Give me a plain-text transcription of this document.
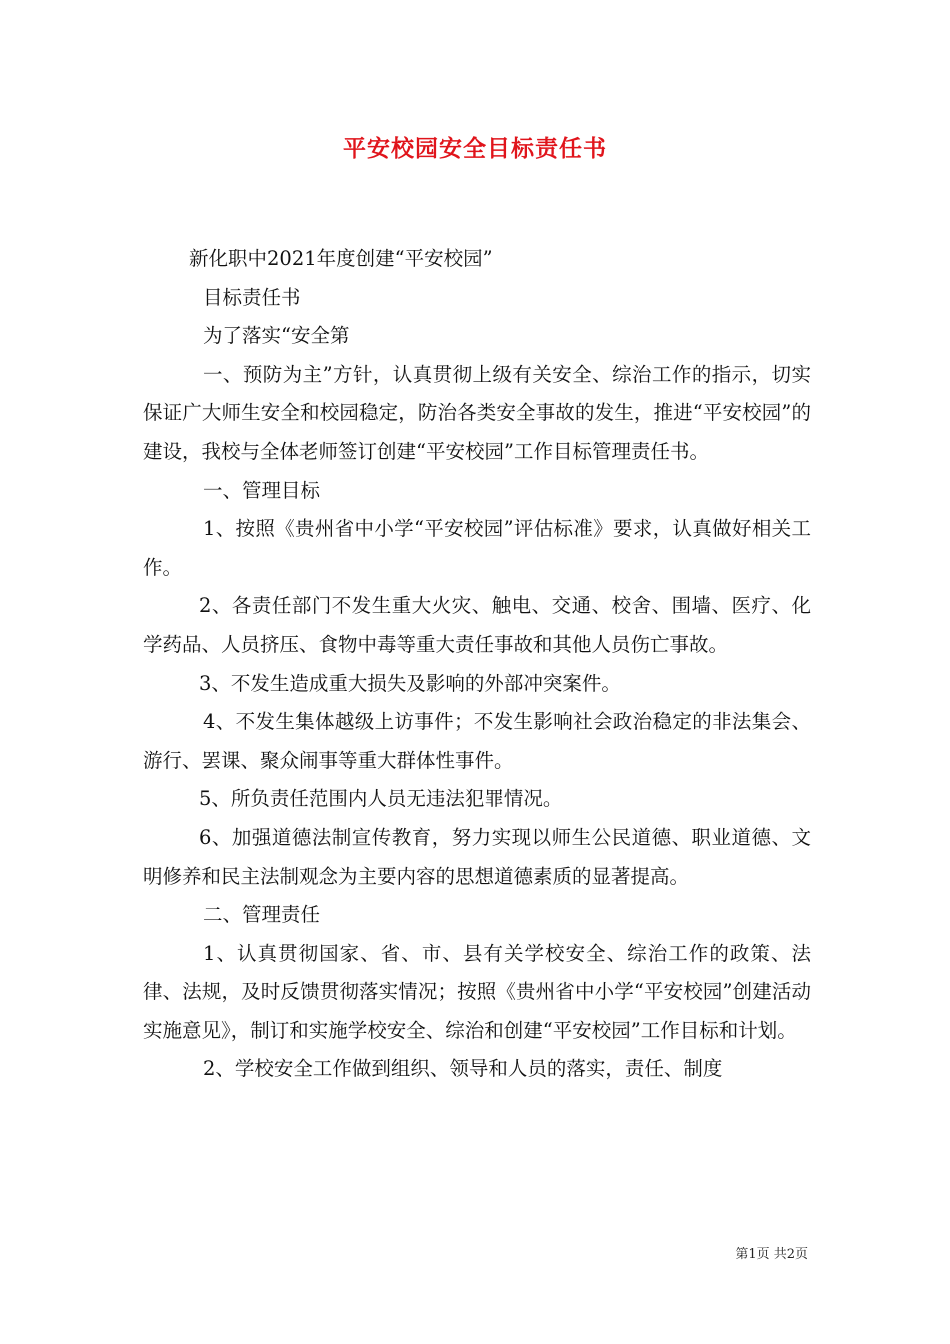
平安校园安全目标责任书

新化职中2021年度创建“平安校园”

目标责任书

为了落实“安全第

一、预防为主”方针，认真贯彻上级有关安全、综治工作的指示，切实保证广大师生安全和校园稳定，防治各类安全事故的发生，推进“平安校园”的建设，我校与全体老师签订创建“平安校园”工作目标管理责任书。

一、管理目标

1、按照《贵州省中小学“平安校园”评估标准》要求，认真做好相关工作。

2、各责任部门不发生重大火灾、触电、交通、校舍、围墙、医疗、化学药品、人员挤压、食物中毒等重大责任事故和其他人员伤亡事故。

3、不发生造成重大损失及影响的外部冲突案件。

4、不发生集体越级上访事件；不发生影响社会政治稳定的非法集会、游行、罢课、聚众闹事等重大群体性事件。

5、所负责任范围内人员无违法犯罪情况。

6、加强道德法制宣传教育，努力实现以师生公民道德、职业道德、文明修养和民主法制观念为主要内容的思想道德素质的显著提高。

二、管理责任

1、认真贯彻国家、省、市、县有关学校安全、综治工作的政策、法律、法规，及时反馈贯彻落实情况；按照《贵州省中小学“平安校园”创建活动实施意见》，制订和实施学校安全、综治和创建“平安校园”工作目标和计划。

2、学校安全工作做到组织、领导和人员的落实，责任、制度

第1页 共2页
